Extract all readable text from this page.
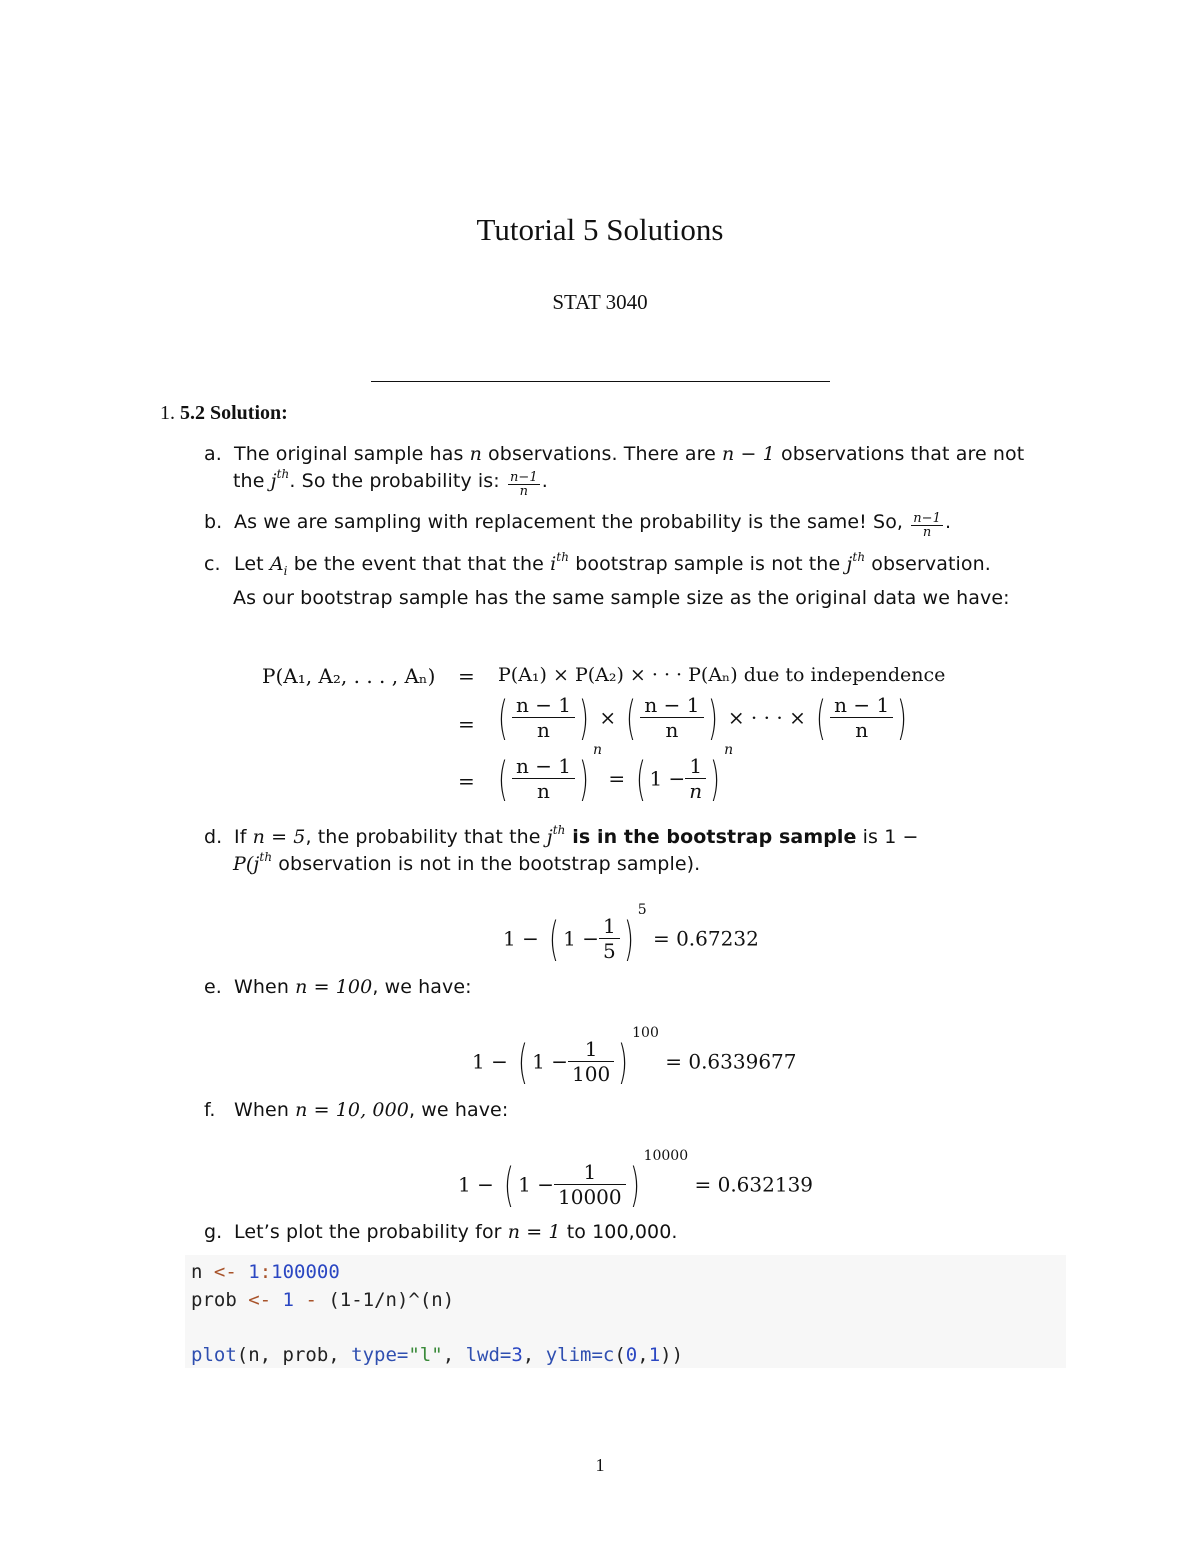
Tutorial 5 Solutions
STAT 3040
1. 5.2 Solution:
a. The original sample has n observations. There are n − 1 observations that are not
the $j^{th}$. So the probability is: $\frac{n-1}{n}$ .
b. As we are sampling with replacement the probability is the same! So, $\frac{n-1}{n}$ .
c. Let $A_i$ be the event that that the $i^{th}$ bootstrap sample is not the $j^{th}$ observation.
As our bootstrap sample has the same sample size as the original data we have:
P(A₁, A₂, . . . , Aₙ) = P(A₁) × P(A₂) × · · · P(Aₙ) due to independence
= ( $\frac{n - 1}{n}$ ) × ( $\frac{n - 1}{n}$ ) × · · · × ( $\frac{n - 1}{n}$ )
= ( $\frac{n - 1}{n} )^n$ = ( $1 - \frac{1}{n} )^n$
d. If n = 5, the probability that the $j^{th}$ is in the bootstrap sample is 1 −
$P(j^{th}$ observation is not in the bootstrap sample).
1 − ( $1 - \frac{1}{5} )^5 = 0.67232$
e. When n = 100, we have:
1 − ( $1 - \frac{1}{100} )^{100} = 0.6339677$
f. When n = 10, 000, we have:
1 − ( $1 - \frac{1}{10000} )^{10000} = 0.632139$
g. Let’s plot the probability for n = 1 to 100,000.
n <- 1:100000
prob <- 1 - (1-1/n)^(n)

plot(n, prob, type="l", lwd=3, ylim=c(0,1))
1
